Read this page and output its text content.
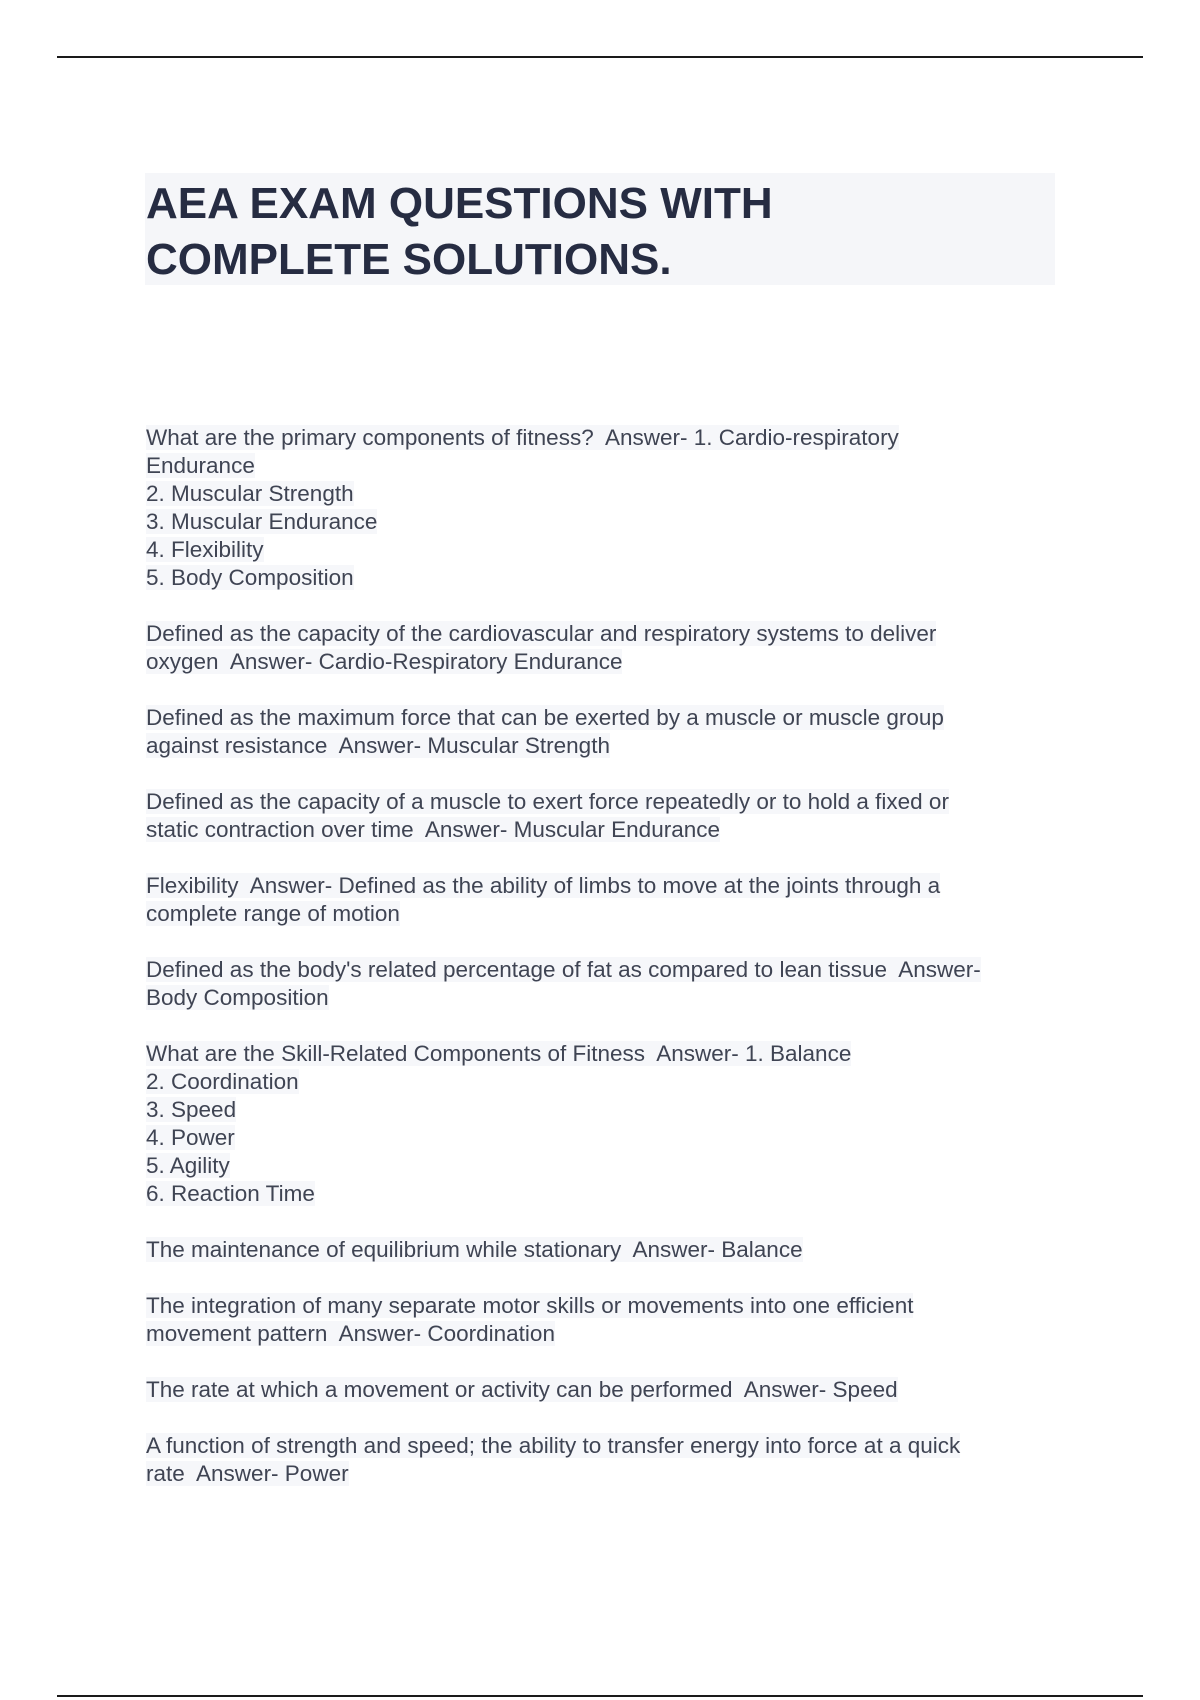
AEA EXAM QUESTIONS WITH
COMPLETE SOLUTIONS.

What are the primary components of fitness?  Answer- 1. Cardio-respiratory
Endurance
2. Muscular Strength
3. Muscular Endurance
4. Flexibility
5. Body Composition

Defined as the capacity of the cardiovascular and respiratory systems to deliver
oxygen  Answer- Cardio-Respiratory Endurance

Defined as the maximum force that can be exerted by a muscle or muscle group
against resistance  Answer- Muscular Strength

Defined as the capacity of a muscle to exert force repeatedly or to hold a fixed or
static contraction over time  Answer- Muscular Endurance

Flexibility  Answer- Defined as the ability of limbs to move at the joints through a
complete range of motion

Defined as the body's related percentage of fat as compared to lean tissue  Answer-
Body Composition

What are the Skill-Related Components of Fitness  Answer- 1. Balance
2. Coordination
3. Speed
4. Power
5. Agility
6. Reaction Time

The maintenance of equilibrium while stationary  Answer- Balance

The integration of many separate motor skills or movements into one efficient
movement pattern  Answer- Coordination

The rate at which a movement or activity can be performed  Answer- Speed

A function of strength and speed; the ability to transfer energy into force at a quick
rate  Answer- Power
